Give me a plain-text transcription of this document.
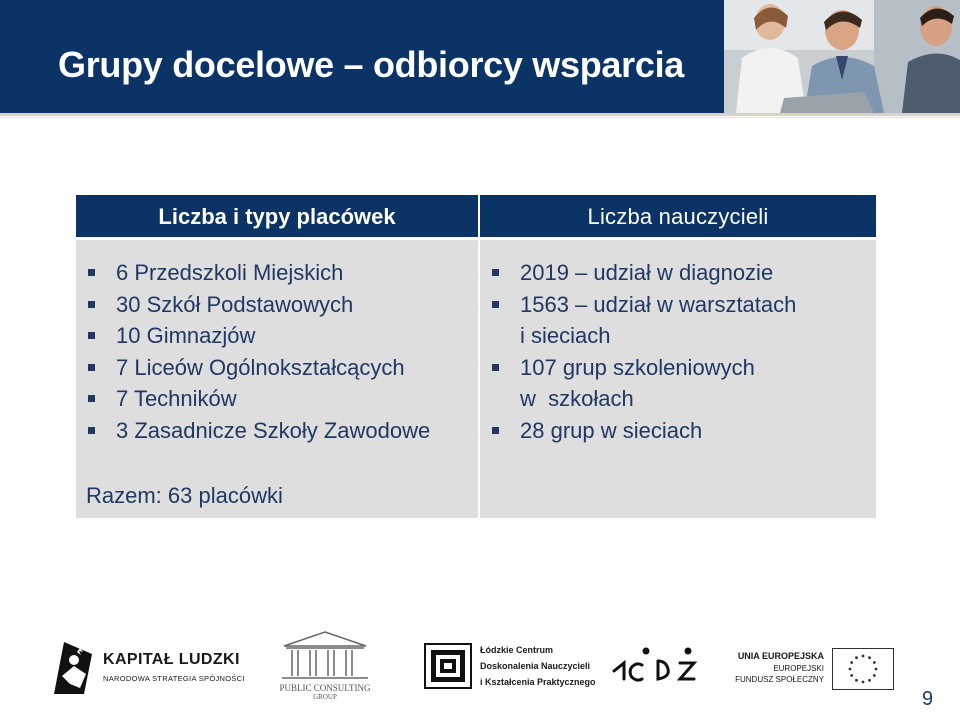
Grupy docelowe – odbiorcy wsparcia
Liczba i typy placówek	Liczba nauczycieli
6 Przedszkoli Miejskich
30 Szkół Podstawowych
10 Gimnazjów
7 Liceów Ogólnokształcących
7 Techników
3 Zasadnicze Szkoły Zawodowe
Razem: 63 placówki
2019 – udział w diagnozie
1563 – udział w warsztatach
i sieciach
107 grup szkoleniowych
w  szkołach
28 grup w sieciach
KAPITAŁ LUDZKI
NARODOWA STRATEGIA SPÓJNOŚCI
PUBLIC CONSULTING
GROUP
Łódzkie Centrum
Doskonalenia Nauczycieli
i Kształcenia Praktycznego
UNIA EUROPEJSKA
EUROPEJSKI
FUNDUSZ SPOŁECZNY
9
